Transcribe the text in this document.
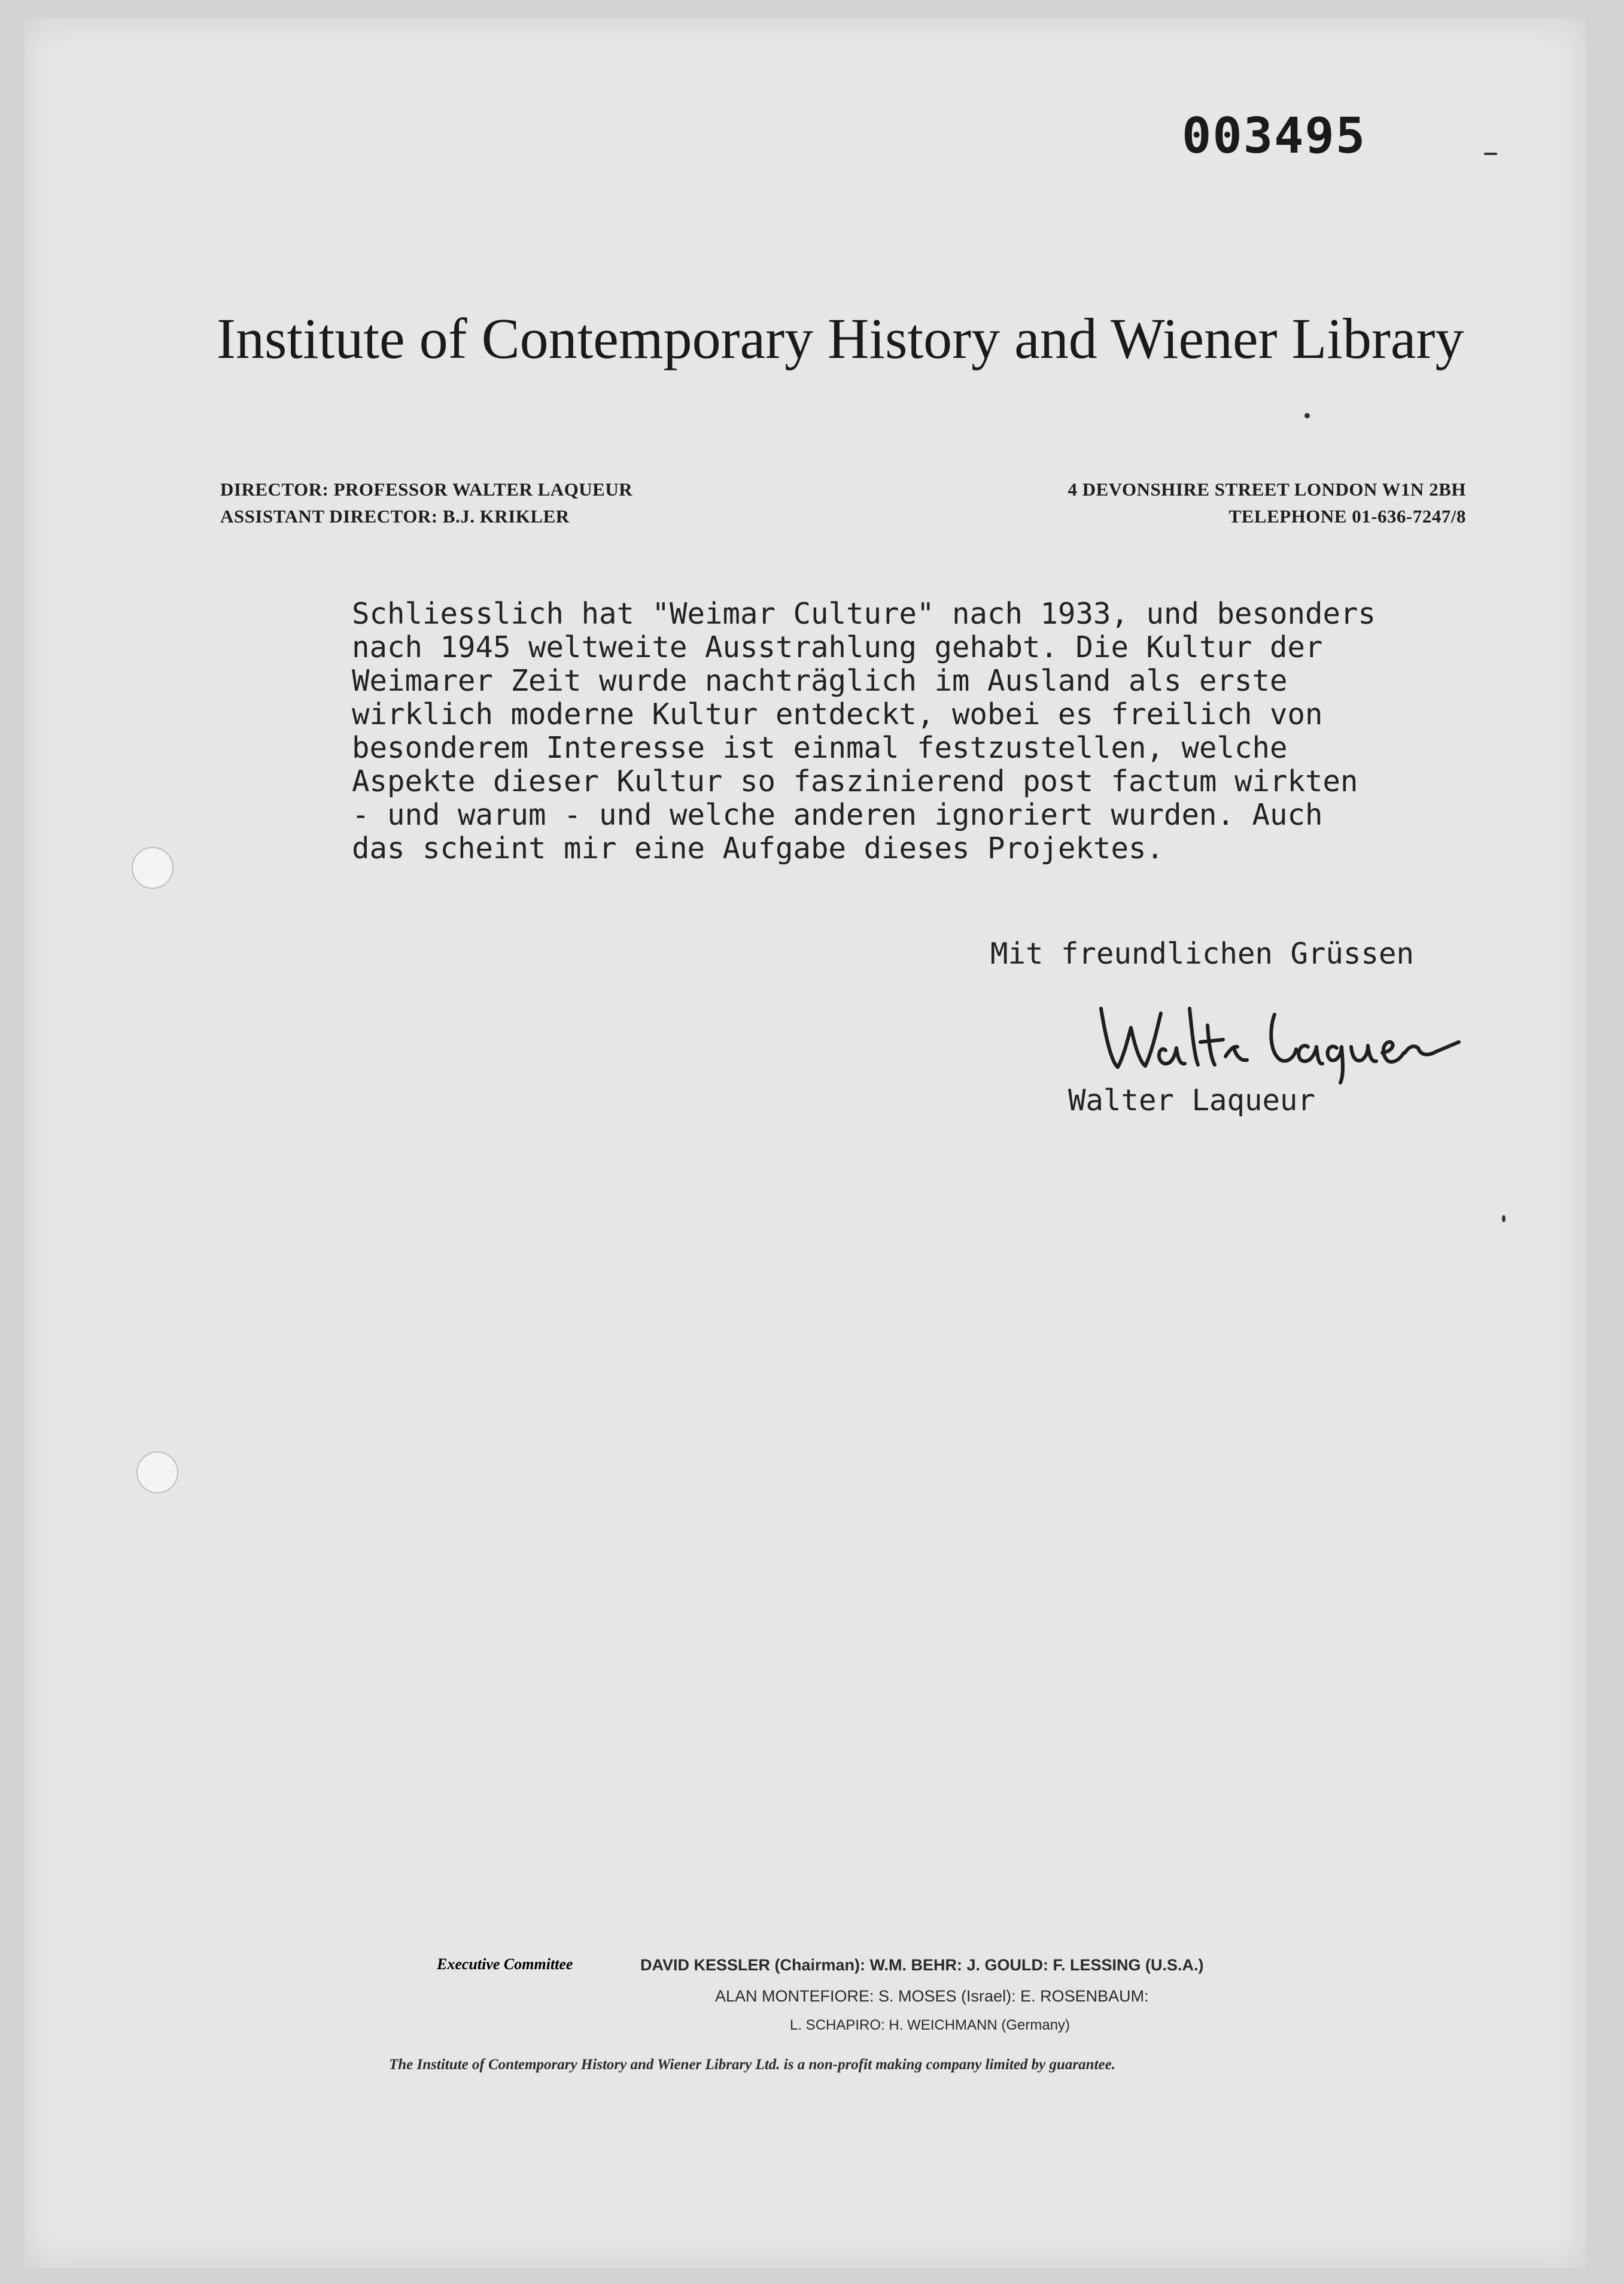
003495
Institute of Contemporary History and Wiener Library
DIRECTOR: PROFESSOR WALTER LAQUEUR
ASSISTANT DIRECTOR: B.J. KRIKLER
4 DEVONSHIRE STREET LONDON W1N 2BH
TELEPHONE 01-636-7247/8
Schliesslich hat "Weimar Culture" nach 1933, und besonders
nach 1945 weltweite Ausstrahlung gehabt. Die Kultur der
Weimarer Zeit wurde nachträglich im Ausland als erste
wirklich moderne Kultur entdeckt, wobei es freilich von
besonderem Interesse ist einmal festzustellen, welche
Aspekte dieser Kultur so faszinierend post factum wirkten
- und warum - und welche anderen ignoriert wurden. Auch
das scheint mir eine Aufgabe dieses Projektes.
Mit freundlichen Grüssen
Walter Laqueur
Executive Committee	DAVID KESSLER (Chairman): W.M. BEHR: J. GOULD: F. LESSING (U.S.A.)
ALAN MONTEFIORE: S. MOSES (Israel): E. ROSENBAUM:
L. SCHAPIRO: H. WEICHMANN (Germany)
The Institute of Contemporary History and Wiener Library Ltd. is a non-profit making company limited by guarantee.
